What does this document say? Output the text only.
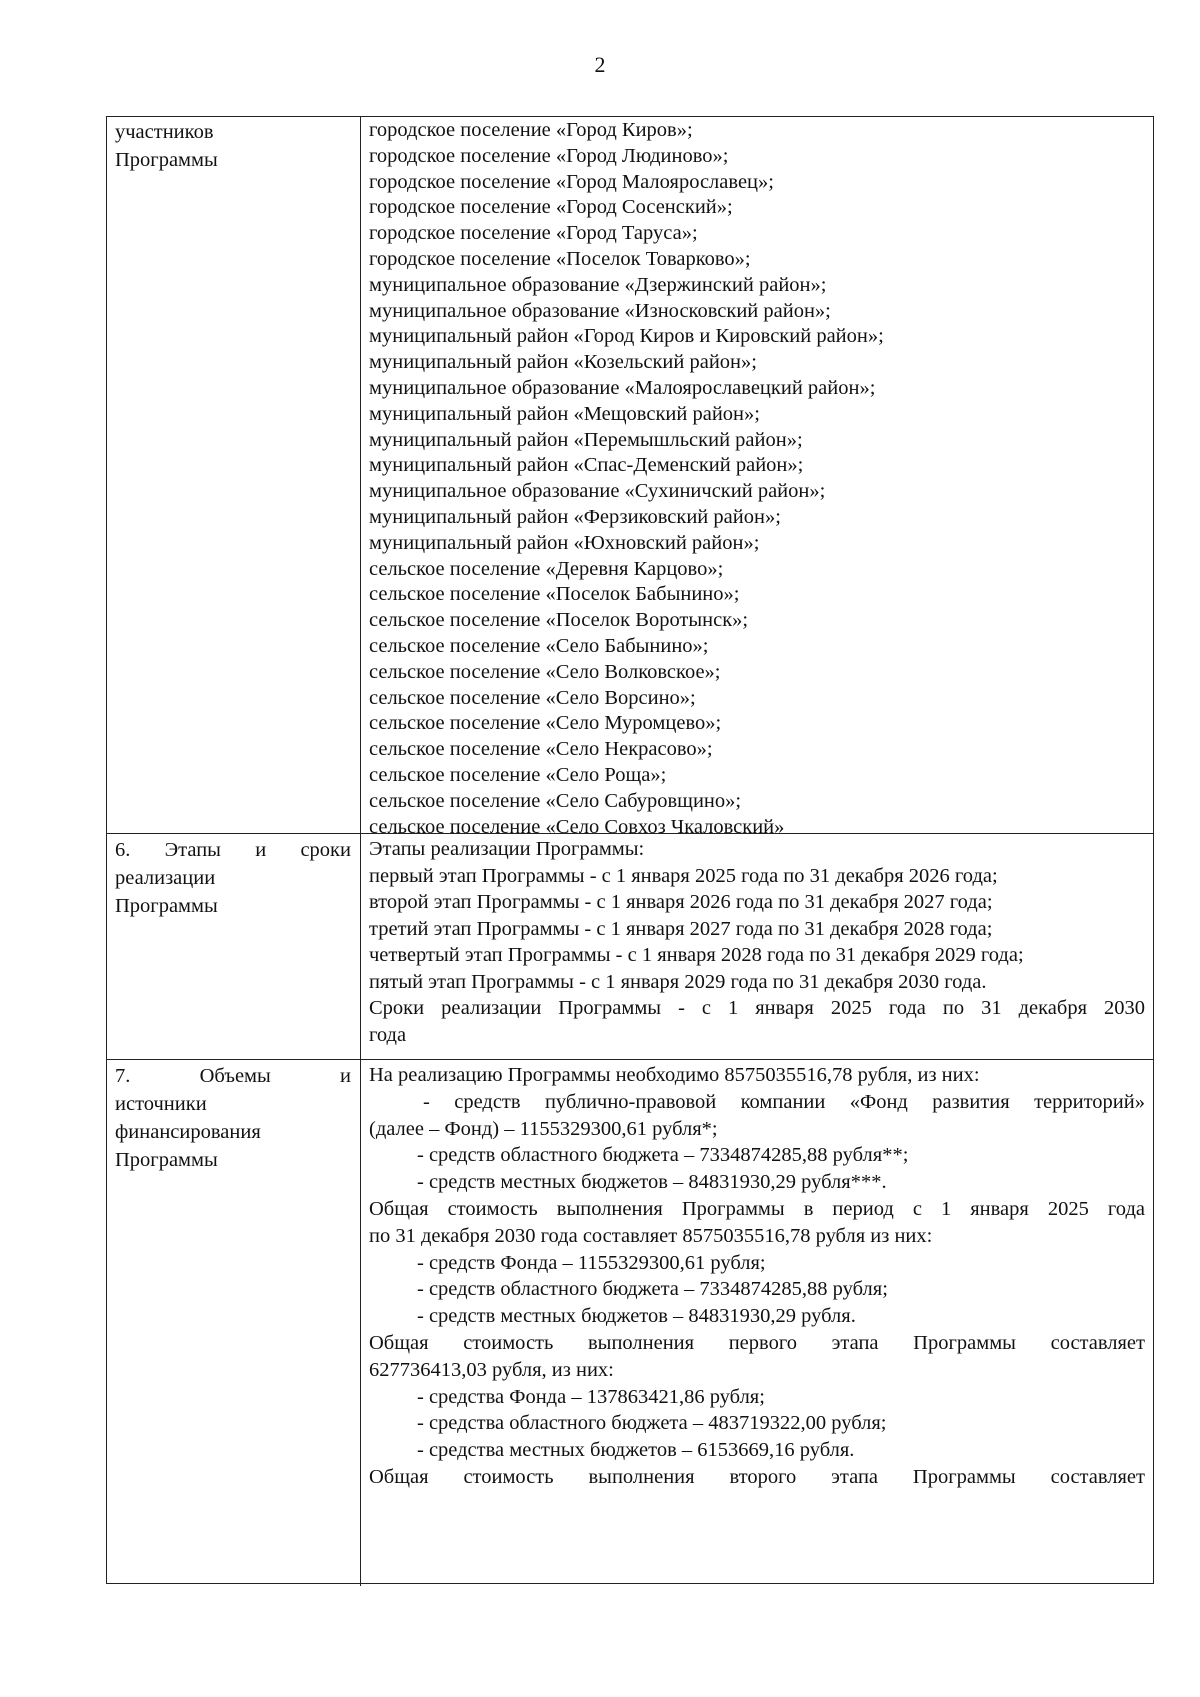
2
участников
Программы
городское поселение «Город Киров»;
городское поселение «Город Людиново»;
городское поселение «Город Малоярославец»;
городское поселение «Город Сосенский»;
городское поселение «Город Таруса»;
городское поселение «Поселок Товарково»;
муниципальное образование «Дзержинский район»;
муниципальное образование «Износковский район»;
муниципальный район «Город Киров и Кировский район»;
муниципальный район «Козельский район»;
муниципальное образование «Малоярославецкий район»;
муниципальный район «Мещовский район»;
муниципальный район «Перемышльский район»;
муниципальный район «Спас-Деменский район»;
муниципальное образование «Сухиничский район»;
муниципальный район «Ферзиковский район»;
муниципальный район «Юхновский район»;
сельское поселение «Деревня Карцово»;
сельское поселение «Поселок Бабынино»;
сельское поселение «Поселок Воротынск»;
сельское поселение «Село Бабынино»;
сельское поселение «Село Волковское»;
сельское поселение «Село Ворсино»;
сельское поселение «Село Муромцево»;
сельское поселение «Село Некрасово»;
сельское поселение «Село Роща»;
сельское поселение «Село Сабуровщино»;
сельское поселение «Село Совхоз Чкаловский»
6. Этапы и сроки
реализации
Программы
Этапы реализации Программы:
первый этап Программы - с 1 января 2025 года по 31 декабря 2026 года;
второй этап Программы - с 1 января 2026 года по 31 декабря 2027 года;
третий этап Программы - с 1 января 2027 года по 31 декабря 2028 года;
четвертый этап Программы - с 1 января 2028 года по 31 декабря 2029 года;
пятый этап Программы - с 1 января 2029 года по 31 декабря 2030 года.
Сроки реализации Программы - с 1 января 2025 года по 31 декабря 2030
года
7. Объемы и
источники
финансирования
Программы
На реализацию Программы необходимо 8575035516,78 рубля, из них:
- средств публично-правовой компании «Фонд развития территорий»
(далее – Фонд) – 1155329300,61 рубля*;
- средств областного бюджета – 7334874285,88 рубля**;
- средств местных бюджетов – 84831930,29 рубля***.
Общая стоимость выполнения Программы в период с 1 января 2025 года
по 31 декабря 2030 года составляет 8575035516,78 рубля из них:
- средств Фонда – 1155329300,61 рубля;
- средств областного бюджета – 7334874285,88 рубля;
- средств местных бюджетов – 84831930,29 рубля.
Общая стоимость выполнения первого этапа Программы составляет
627736413,03 рубля, из них:
- средства Фонда – 137863421,86 рубля;
- средства областного бюджета – 483719322,00 рубля;
- средства местных бюджетов – 6153669,16 рубля.
Общая стоимость выполнения второго этапа Программы составляет
